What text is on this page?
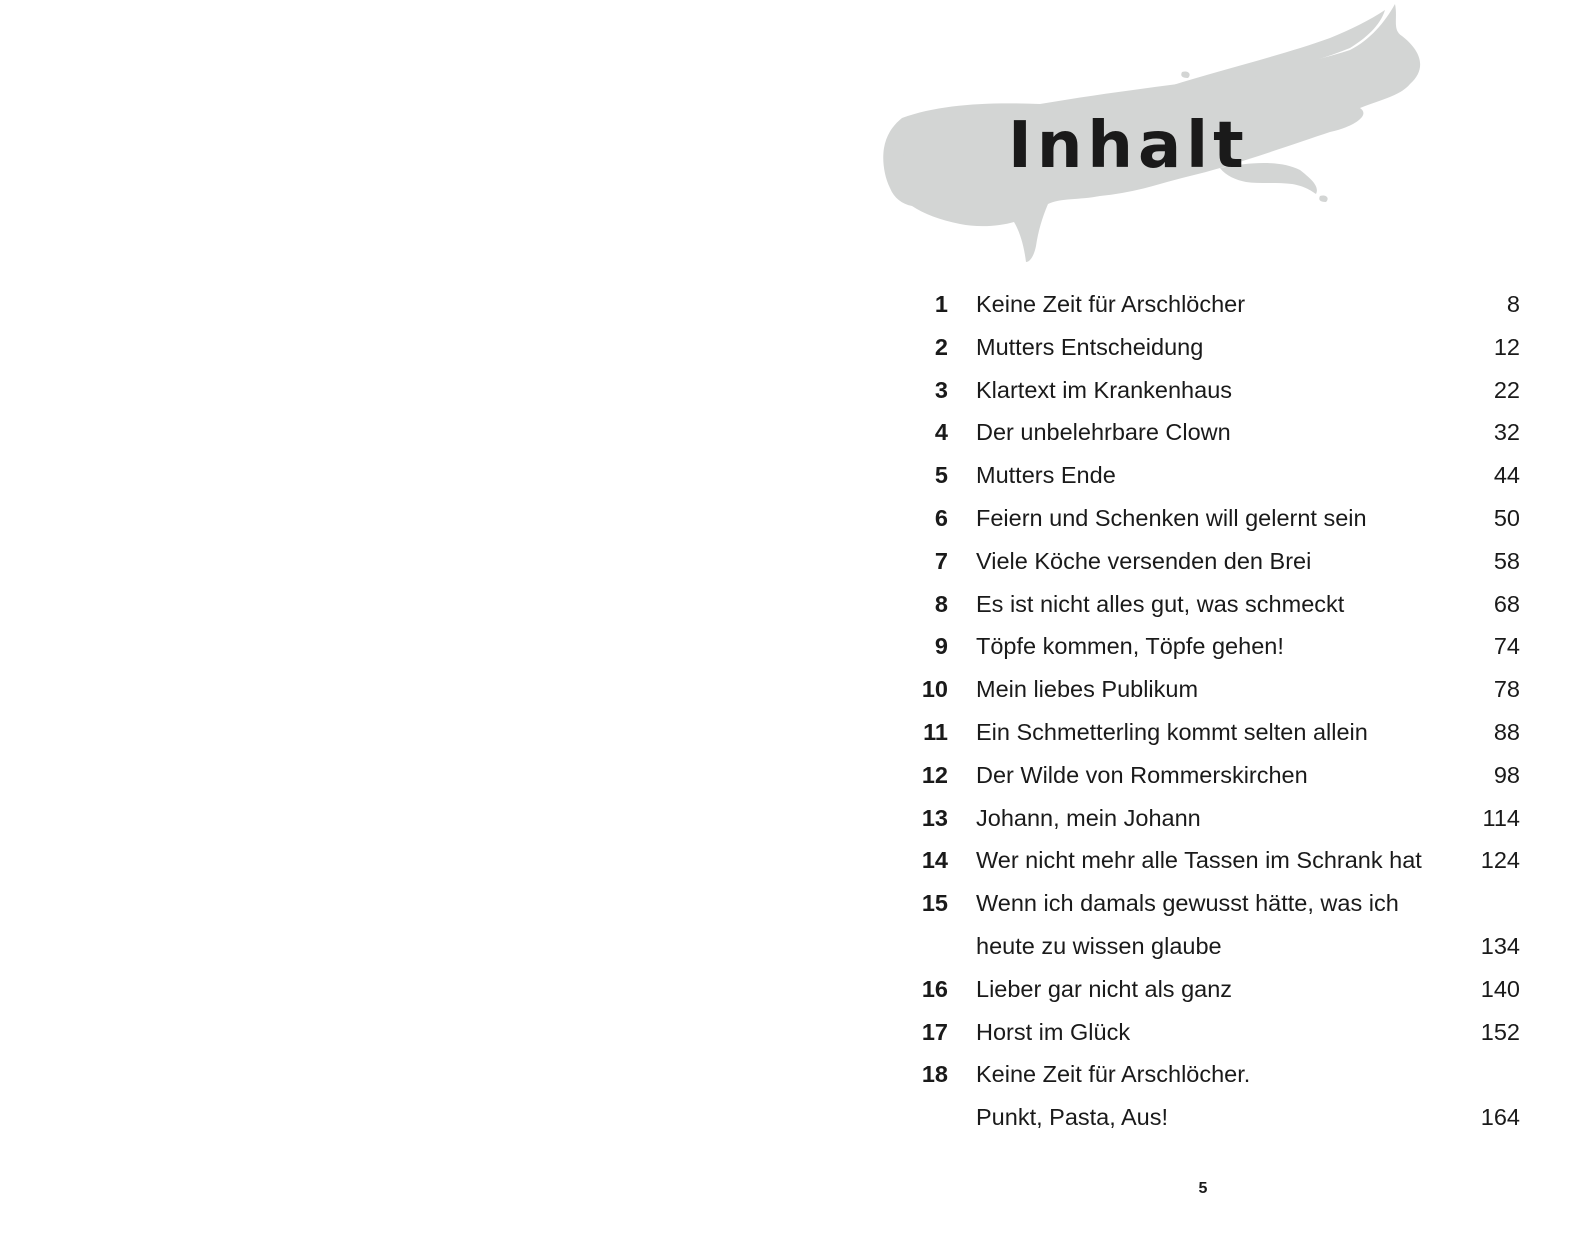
Inhalt
1 Keine Zeit für Arschlöcher	8
2 Mutters Entscheidung	12
3 Klartext im Krankenhaus	22
4 Der unbelehrbare Clown	32
5 Mutters Ende	44
6 Feiern und Schenken will gelernt sein	50
7 Viele Köche versenden den Brei	58
8 Es ist nicht alles gut, was schmeckt	68
9 Töpfe kommen, Töpfe gehen!	74
10 Mein liebes Publikum	78
11 Ein Schmetterling kommt selten allein	88
12 Der Wilde von Rommerskirchen	98
13 Johann, mein Johann	114
14 Wer nicht mehr alle Tassen im Schrank hat	124
15 Wenn ich damals gewusst hätte, was ich
heute zu wissen glaube	134
16 Lieber gar nicht als ganz	140
17 Horst im Glück	152
18 Keine Zeit für Arschlöcher.
Punkt, Pasta, Aus!	164
5
